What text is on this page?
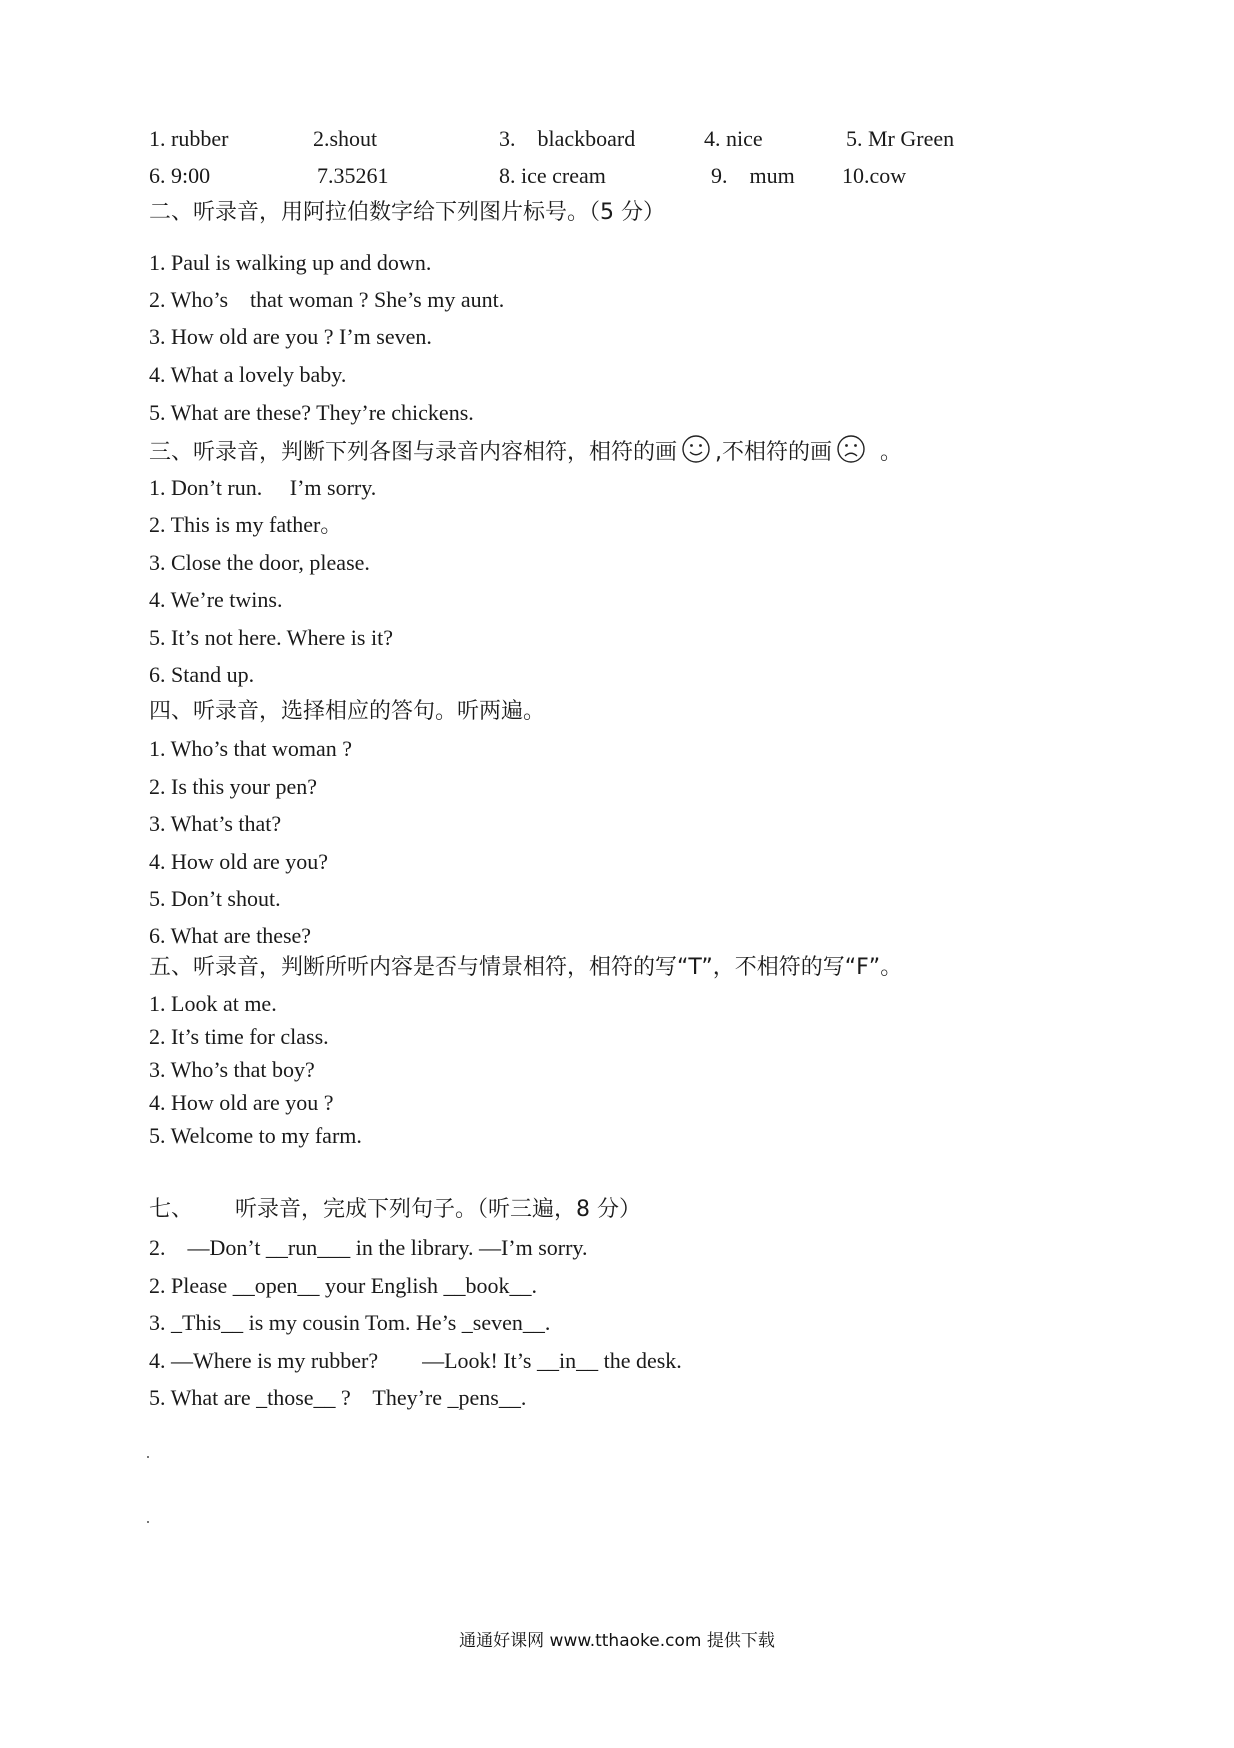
1. rubber	2.shout	3.    blackboard	4. nice	5. Mr Green
6. 9:00	7.35261	8. ice cream	9.    mum 10.cow

二、听录音，用阿拉伯数字给下列图片标号。（5 分）

1. Paul is walking up and down.

2. Who’s    that woman ? She’s my aunt.

3. How old are you ? I’m seven.

4. What a lovely baby.

5. What are these? They’re chickens.

三、听录音，判断下列各图与录音内容相符，相符的画 ,不相符的画 。

1. Don’t run.     I’m sorry.

2. This is my father。

3. Close the door, please.

4. We’re twins.

5. It’s not here. Where is it?

6. Stand up.

四、听录音，选择相应的答句。听两遍。

1. Who’s that woman ?

2. Is this your pen?

3. What’s that?

4. How old are you?

5. Don’t shout.

6. What are these?

五、听录音，判断所听内容是否与情景相符，相符的写“T”，不相符的写“F”。

1. Look at me.

2. It’s time for class.

3. Who’s that boy?

4. How old are you ?

5. Welcome to my farm.

七、      听录音，完成下列句子。（听三遍，8 分）

2.    —Don’t __run___ in the library. —I’m sorry.

2. Please __open__ your English __book__.

3. _This__ is my cousin Tom. He’s _seven__.

4. —Where is my rubber?        —Look! It’s __in__ the desk.

5. What are _those__ ?    They’re _pens__.

通通好课网 www.tthaoke.com 提供下载
